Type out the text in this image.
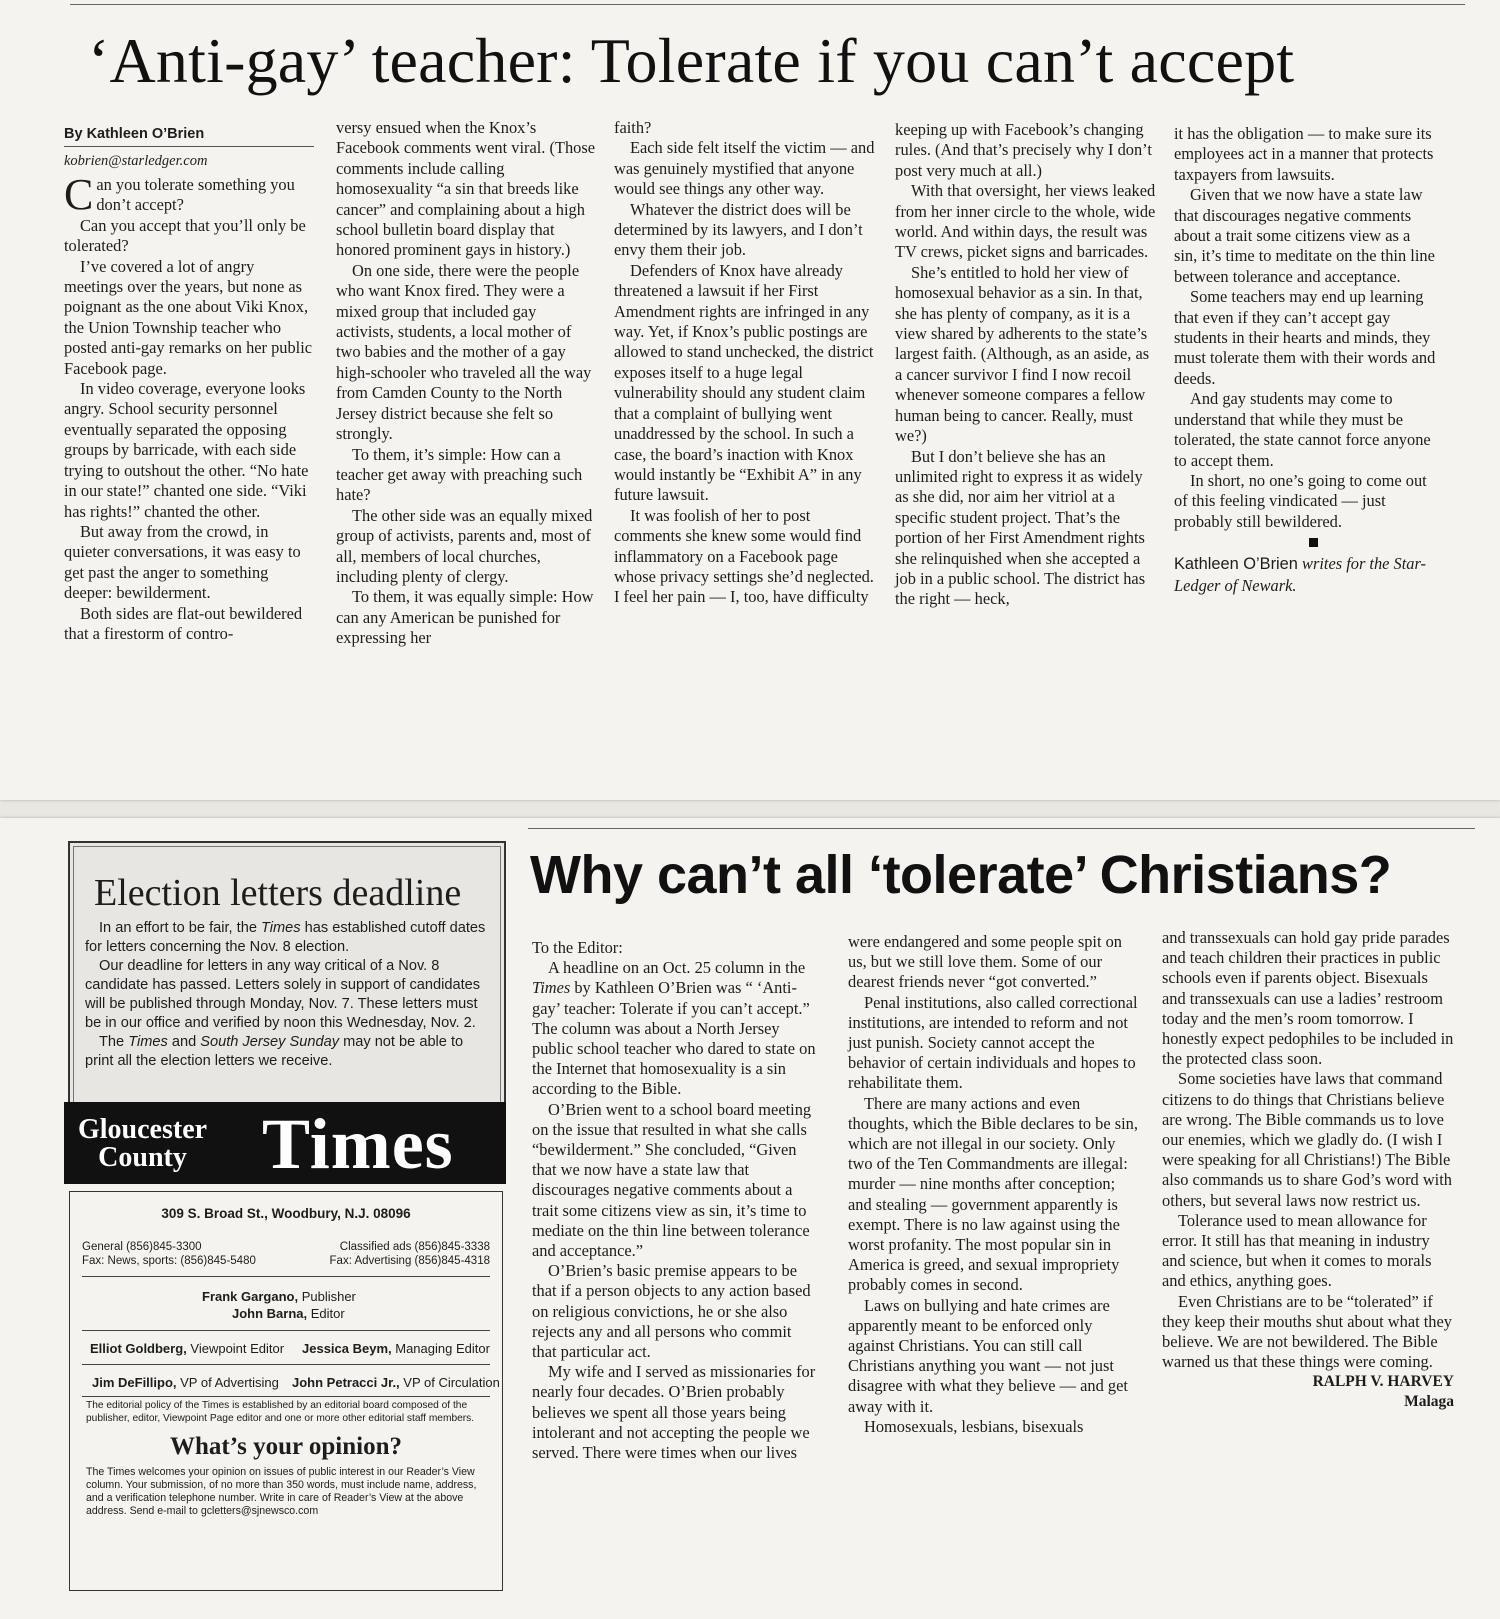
‘Anti-gay’ teacher: Tolerate if you can’t accept
By Kathleen O’Brien
kobrien@starledger.com

Can you tolerate something you don’t accept?

Can you accept that you’ll only be tolerated?

I’ve covered a lot of angry meetings over the years, but none as poignant as the one about Viki Knox, the Union Township teacher who posted anti-gay remarks on her public Facebook page.

In video coverage, everyone looks angry. School security personnel eventually separated the opposing groups by barricade, with each side trying to outshout the other. “No hate in our state!” chanted one side. “Viki has rights!” chanted the other.

But away from the crowd, in quieter conversations, it was easy to get past the anger to something deeper: bewilderment.

Both sides are flat-out bewildered that a firestorm of contro-

versy ensued when the Knox’s Facebook comments went viral. (Those comments include calling homosexuality “a sin that breeds like cancer” and complaining about a high school bulletin board display that honored prominent gays in history.)

On one side, there were the people who want Knox fired. They were a mixed group that included gay activists, students, a local mother of two babies and the mother of a gay high-schooler who traveled all the way from Camden County to the North Jersey district because she felt so strongly.

To them, it’s simple: How can a teacher get away with preaching such hate?

The other side was an equally mixed group of activists, parents and, most of all, members of local churches, including plenty of clergy.

To them, it was equally simple: How can any American be punished for expressing her

faith?

Each side felt itself the victim — and was genuinely mystified that anyone would see things any other way.

Whatever the district does will be determined by its lawyers, and I don’t envy them their job.

Defenders of Knox have already threatened a lawsuit if her First Amendment rights are infringed in any way. Yet, if Knox’s public postings are allowed to stand unchecked, the district exposes itself to a huge legal vulnerability should any student claim that a complaint of bullying went unaddressed by the school. In such a case, the board’s inaction with Knox would instantly be “Exhibit A” in any future lawsuit.

It was foolish of her to post comments she knew some would find inflammatory on a Facebook page whose privacy settings she’d neglected. I feel her pain — I, too, have difficulty

keeping up with Facebook’s changing rules. (And that’s precisely why I don’t post very much at all.)

With that oversight, her views leaked from her inner circle to the whole, wide world. And within days, the result was TV crews, picket signs and barricades.

She’s entitled to hold her view of homosexual behavior as a sin. In that, she has plenty of company, as it is a view shared by adherents to the state’s largest faith. (Although, as an aside, as a cancer survivor I find I now recoil whenever someone compares a fellow human being to cancer. Really, must we?)

But I don’t believe she has an unlimited right to express it as widely as she did, nor aim her vitriol at a specific student project. That’s the portion of her First Amendment rights she relinquished when she accepted a job in a public school. The district has the right — heck,

it has the obligation — to make sure its employees act in a manner that protects taxpayers from lawsuits.

Given that we now have a state law that discourages negative comments about a trait some citizens view as a sin, it’s time to meditate on the thin line between tolerance and acceptance.

Some teachers may end up learning that even if they can’t accept gay students in their hearts and minds, they must tolerate them with their words and deeds.

And gay students may come to understand that while they must be tolerated, the state cannot force anyone to accept them.

In short, no one’s going to come out of this feeling vindicated — just probably still bewildered.

Kathleen O’Brien writes for the Star-Ledger of Newark.
Election letters deadline

In an effort to be fair, the Times has established cutoff dates for letters concerning the Nov. 8 election.

Our deadline for letters in any way critical of a Nov. 8 candidate has passed. Letters solely in support of candidates will be published through Monday, Nov. 7. These letters must be in our office and verified by noon this Wednesday, Nov. 2.

The Times and South Jersey Sunday may not be able to print all the election letters we receive.

Gloucester
County Times
309 S. Broad St., Woodbury, N.J. 08096
General (856)845-3300
Fax: News, sports: (856)845-5480
Classified ads (856)845-3338
Fax: Advertising (856)845-4318
Frank Gargano, Publisher
John Barna, Editor
Elliot Goldberg, Viewpoint Editor Jessica Beym, Managing Editor
Jim DeFillipo, VP of Advertising John Petracci Jr., VP of Circulation
The editorial policy of the Times is established by an editorial board composed of the publisher, editor, Viewpoint Page editor and one or more other editorial staff members.
What’s your opinion?
The Times welcomes your opinion on issues of public interest in our Reader’s View column. Your submission, of no more than 350 words, must include name, address, and a verification telephone number. Write in care of Reader’s View at the above address. Send e-mail to gcletters@sjnewsco.com
Why can’t all ‘tolerate’ Christians?

To the Editor:

A headline on an Oct. 25 column in the Times by Kathleen O’Brien was “ ‘Anti-gay’ teacher: Tolerate if you can’t accept.” The column was about a North Jersey public school teacher who dared to state on the Internet that homosexuality is a sin according to the Bible.

O’Brien went to a school board meeting on the issue that resulted in what she calls “bewilderment.” She concluded, “Given that we now have a state law that discourages negative comments about a trait some citizens view as sin, it’s time to mediate on the thin line between tolerance and acceptance.”

O’Brien’s basic premise appears to be that if a person objects to any action based on religious convictions, he or she also rejects any and all persons who commit that particular act.

My wife and I served as missionaries for nearly four decades. O’Brien probably believes we spent all those years being intolerant and not accepting the people we served. There were times when our lives

were endangered and some people spit on us, but we still love them. Some of our dearest friends never “got converted.”

Penal institutions, also called correctional institutions, are intended to reform and not just punish. Society cannot accept the behavior of certain individuals and hopes to rehabilitate them.

There are many actions and even thoughts, which the Bible declares to be sin, which are not illegal in our society. Only two of the Ten Commandments are illegal: murder — nine months after conception; and stealing — government apparently is exempt. There is no law against using the worst profanity. The most popular sin in America is greed, and sexual impropriety probably comes in second.

Laws on bullying and hate crimes are apparently meant to be enforced only against Christians. You can still call Christians anything you want — not just disagree with what they believe — and get away with it.

Homosexuals, lesbians, bisexuals

and transsexuals can hold gay pride parades and teach children their practices in public schools even if parents object. Bisexuals and transsexuals can use a ladies’ restroom today and the men’s room tomorrow. I honestly expect pedophiles to be included in the protected class soon.

Some societies have laws that command citizens to do things that Christians believe are wrong. The Bible commands us to love our enemies, which we gladly do. (I wish I were speaking for all Christians!) The Bible also commands us to share God’s word with others, but several laws now restrict us.

Tolerance used to mean allowance for error. It still has that meaning in industry and science, but when it comes to morals and ethics, anything goes.

Even Christians are to be “tolerated” if they keep their mouths shut about what they believe. We are not bewildered. The Bible warned us that these things were coming.

RALPH V. HARVEY
Malaga
